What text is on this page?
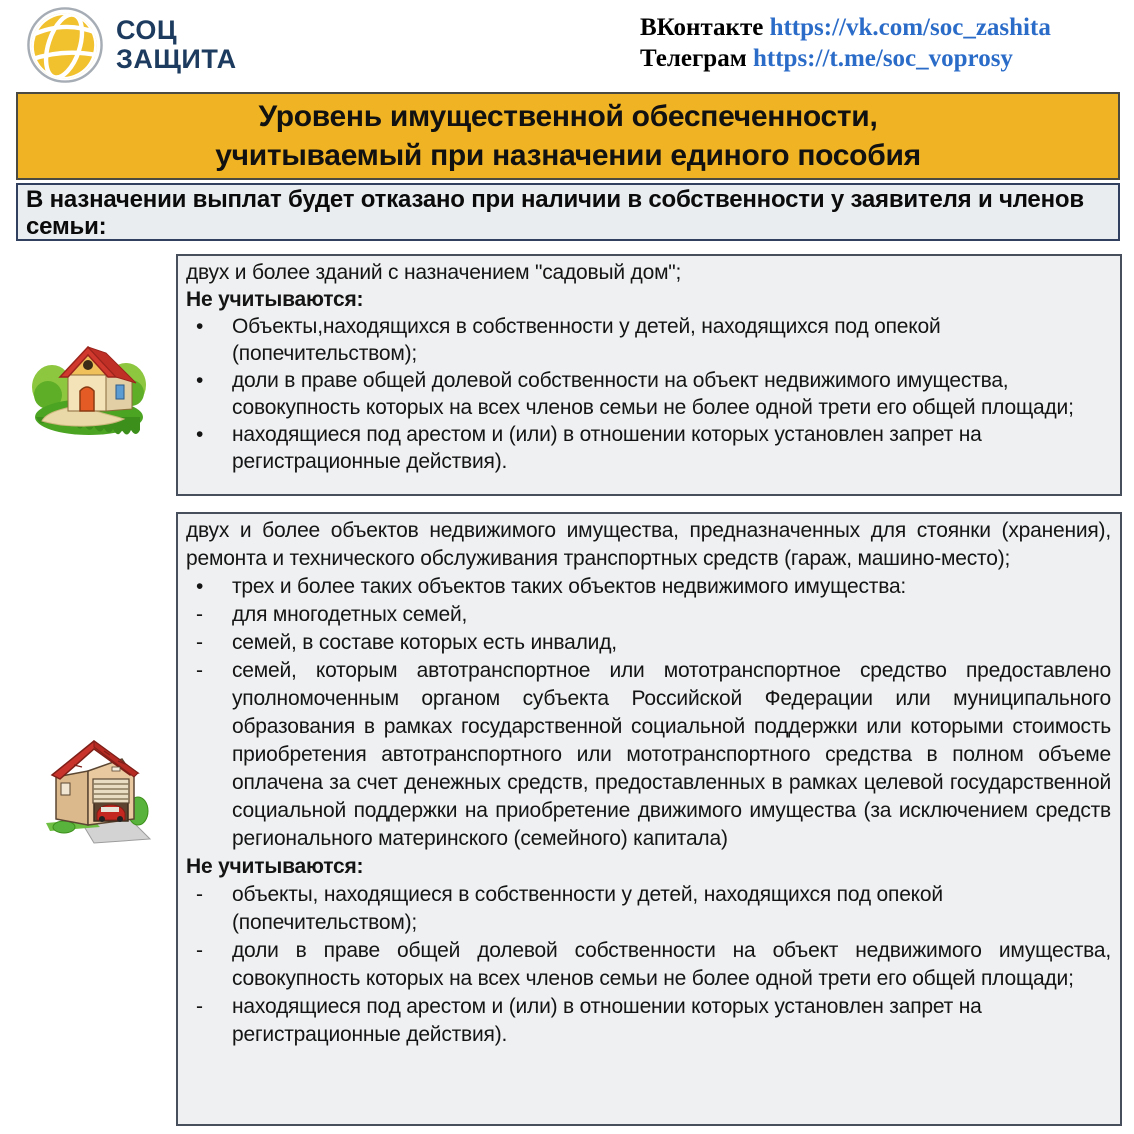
СОЦ
ЗАЩИТА
ВКонтакте https://vk.com/soc_zashita
Телеграм https://t.me/soc_voprosy
Уровень имущественной обеспеченности,
учитываемый при назначении единого пособия
В назначении выплат будет отказано при наличии в собственности у заявителя и членов семьи:

двух и более зданий с назначением "садовый дом";

Не учитываются:

•	Объекты,находящихся в собственности у детей, находящихся под опекой (попечительством);
•	доли в праве общей долевой собственности на объект недвижимого имущества, совокупность которых на всех членов семьи не более одной трети его общей площади;
•	находящиеся под арестом и (или) в отношении которых установлен запрет на регистрационные действия).

двух и более объектов недвижимого имущества, предназначенных для стоянки (хранения), ремонта и технического обслуживания транспортных средств (гараж, машино-место);

•	трех и более таких объектов таких объектов недвижимого имущества:
-	для многодетных семей,
-	семей, в составе которых есть инвалид,
-	семей, которым автотранспортное или мототранспортное средство предоставлено уполномоченным органом субъекта Российской Федерации или муниципального образования в рамках государственной социальной поддержки или которыми стоимость приобретения автотранспортного или мототранспортного средства в полном объеме оплачена за счет денежных средств, предоставленных в рамках целевой государственной социальной поддержки на приобретение движимого имущества (за исключением средств регионального материнского (семейного) капитала)

Не учитываются:

-	объекты, находящиеся в собственности у детей, находящихся под опекой (попечительством);
-	доли в праве общей долевой собственности на объект недвижимого имущества, совокупность которых на всех членов семьи не более одной трети его общей площади;
-	находящиеся под арестом и (или) в отношении которых установлен запрет на регистрационные действия).
